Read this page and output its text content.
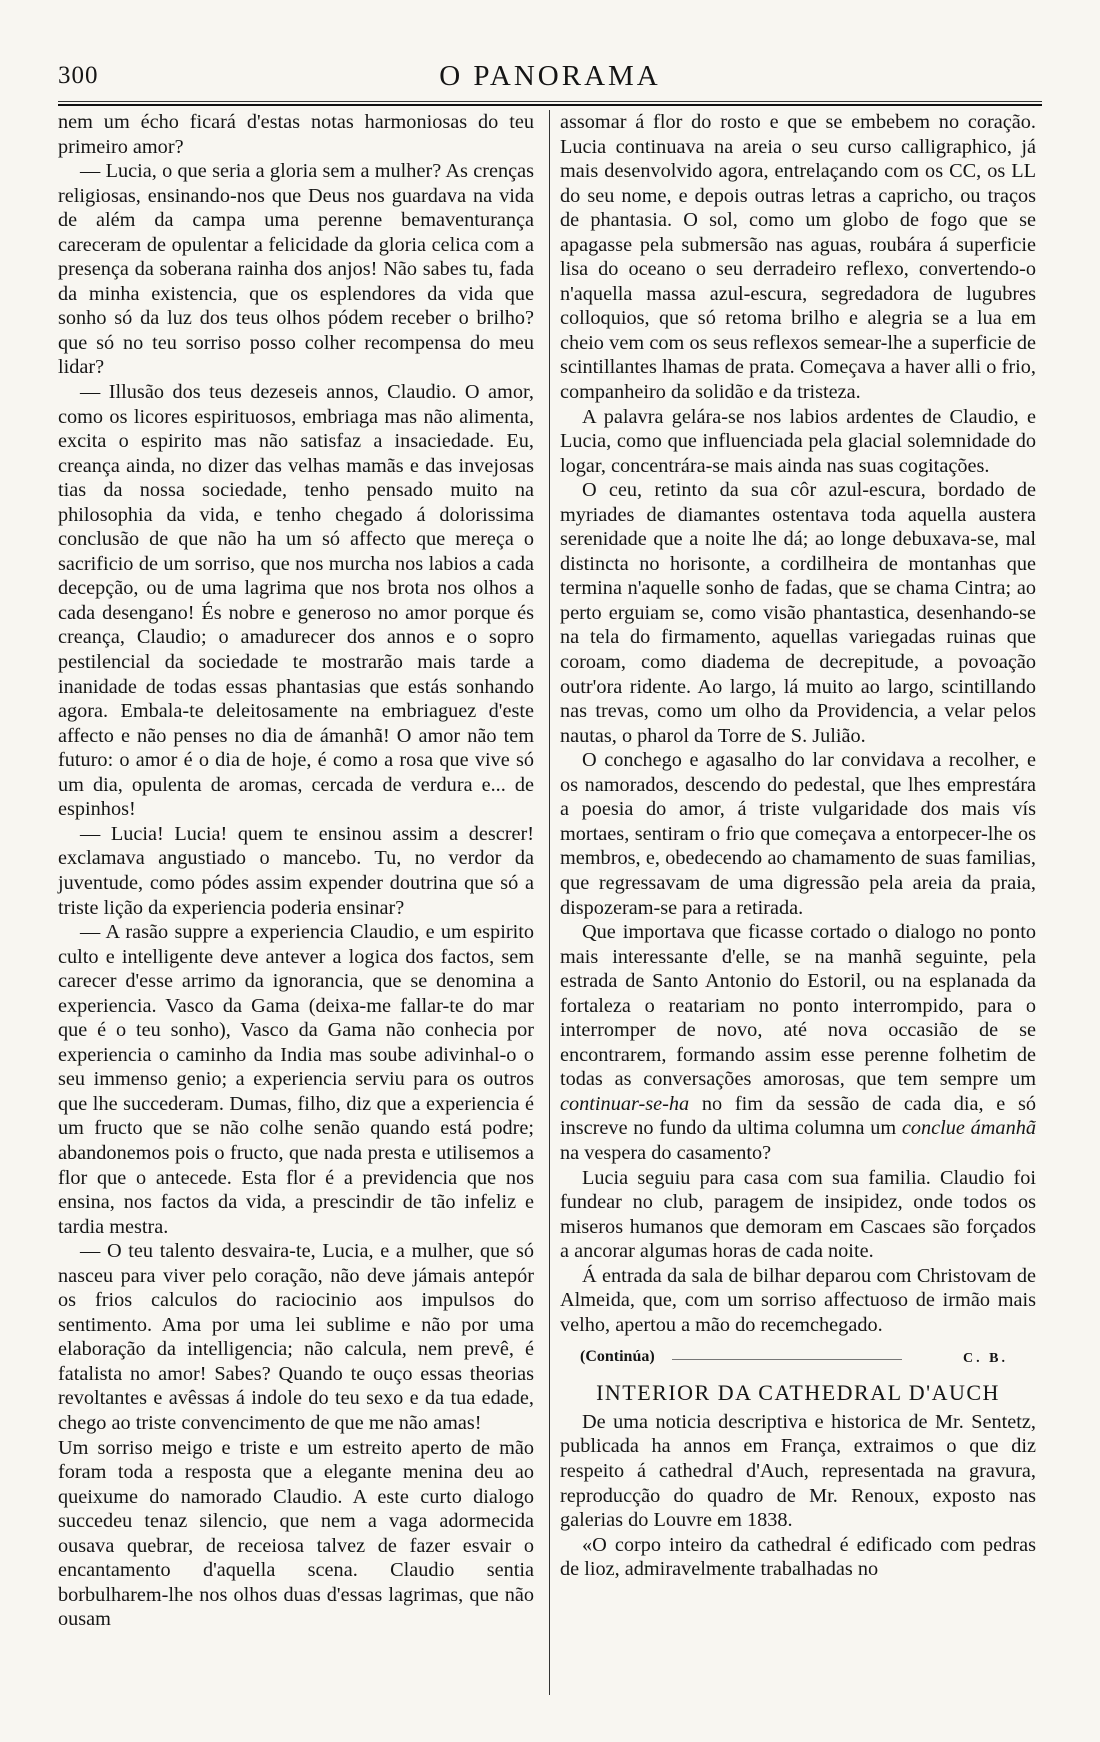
300	O PANORAMA

nem um écho ficará d'estas notas harmoniosas do teu primeiro amor?

— Lucia, o que seria a gloria sem a mulher? As crenças religiosas, ensinando-nos que Deus nos guardava na vida de além da campa uma perenne bemaventurança careceram de opulentar a felicidade da gloria celica com a presença da soberana rainha dos anjos! Não sabes tu, fada da minha existencia, que os esplendores da vida que sonho só da luz dos teus olhos pódem receber o brilho? que só no teu sorriso posso colher recompensa do meu lidar?

— Illusão dos teus dezeseis annos, Claudio. O amor, como os licores espirituosos, embriaga mas não alimenta, excita o espirito mas não satisfaz a insaciedade. Eu, creança ainda, no dizer das velhas mamãs e das invejosas tias da nossa sociedade, tenho pensado muito na philosophia da vida, e tenho chegado á dolorissima conclusão de que não ha um só affecto que mereça o sacrificio de um sorriso, que nos murcha nos labios a cada decepção, ou de uma lagrima que nos brota nos olhos a cada desengano! És nobre e generoso no amor porque és creança, Claudio; o amadurecer dos annos e o sopro pestilencial da sociedade te mostrarão mais tarde a inanidade de todas essas phantasias que estás sonhando agora. Embala-te deleitosamente na embriaguez d'este affecto e não penses no dia de ámanhã! O amor não tem futuro: o amor é o dia de hoje, é como a rosa que vive só um dia, opulenta de aromas, cercada de verdura e... de espinhos!

— Lucia! Lucia! quem te ensinou assim a descrer! exclamava angustiado o mancebo. Tu, no verdor da juventude, como pódes assim expender doutrina que só a triste lição da experiencia poderia ensinar?

— A rasão suppre a experiencia Claudio, e um espirito culto e intelligente deve antever a logica dos factos, sem carecer d'esse arrimo da ignorancia, que se denomina a experiencia. Vasco da Gama (deixa-me fallar-te do mar que é o teu sonho), Vasco da Gama não conhecia por experiencia o caminho da India mas soube adivinhal-o o seu immenso genio; a experiencia serviu para os outros que lhe succederam. Dumas, filho, diz que a experiencia é um fructo que se não colhe senão quando está podre; abandonemos pois o fructo, que nada presta e utilisemos a flor que o antecede. Esta flor é a previdencia que nos ensina, nos factos da vida, a prescindir de tão infeliz e tardia mestra.

— O teu talento desvaira-te, Lucia, e a mulher, que só nasceu para viver pelo coração, não deve jámais antepór os frios calculos do raciocinio aos impulsos do sentimento. Ama por uma lei sublime e não por uma elaboração da intelligencia; não calcula, nem prevê, é fatalista no amor! Sabes? Quando te ouço essas theorias revoltantes e avêssas á indole do teu sexo e da tua edade, chego ao triste convencimento de que me não amas!

Um sorriso meigo e triste e um estreito aperto de mão foram toda a resposta que a elegante menina deu ao queixume do namorado Claudio. A este curto dialogo succedeu tenaz silencio, que nem a vaga adormecida ousava quebrar, de receiosa talvez de fazer esvair o encantamento d'aquella scena. Claudio sentia borbulharem-lhe nos olhos duas d'essas lagrimas, que não ousam

assomar á flor do rosto e que se embebem no coração. Lucia continuava na areia o seu curso calligraphico, já mais desenvolvido agora, entrelaçando com os CC, os LL do seu nome, e depois outras letras a capricho, ou traços de phantasia. O sol, como um globo de fogo que se apagasse pela submersão nas aguas, roubára á superficie lisa do oceano o seu derradeiro reflexo, convertendo-o n'aquella massa azul-escura, segredadora de lugubres colloquios, que só retoma brilho e alegria se a lua em cheio vem com os seus reflexos semear-lhe a superficie de scintillantes lhamas de prata. Começava a haver alli o frio, companheiro da solidão e da tristeza.

A palavra gelára-se nos labios ardentes de Claudio, e Lucia, como que influenciada pela glacial solemnidade do logar, concentrára-se mais ainda nas suas cogitações.

O ceu, retinto da sua côr azul-escura, bordado de myriades de diamantes ostentava toda aquella austera serenidade que a noite lhe dá; ao longe debuxava-se, mal distincta no horisonte, a cordilheira de montanhas que termina n'aquelle sonho de fadas, que se chama Cintra; ao perto erguiam se, como visão phantastica, desenhando-se na tela do firmamento, aquellas variegadas ruinas que coroam, como diadema de decrepitude, a povoação outr'ora ridente. Ao largo, lá muito ao largo, scintillando nas trevas, como um olho da Providencia, a velar pelos nautas, o pharol da Torre de S. Julião.

O conchego e agasalho do lar convidava a recolher, e os namorados, descendo do pedestal, que lhes emprestára a poesia do amor, á triste vulgaridade dos mais vís mortaes, sentiram o frio que começava a entorpecer-lhe os membros, e, obedecendo ao chamamento de suas familias, que regressavam de uma digressão pela areia da praia, dispozeram-se para a retirada.

Que importava que ficasse cortado o dialogo no ponto mais interessante d'elle, se na manhã seguinte, pela estrada de Santo Antonio do Estoril, ou na esplanada da fortaleza o reatariam no ponto interrompido, para o interromper de novo, até nova occasião de se encontrarem, formando assim esse perenne folhetim de todas as conversações amorosas, que tem sempre um continuar-se-ha no fim da sessão de cada dia, e só inscreve no fundo da ultima columna um conclue ámanhã na vespera do casamento?

Lucia seguiu para casa com sua familia. Claudio foi fundear no club, paragem de insipidez, onde todos os miseros humanos que demoram em Cascaes são forçados a ancorar algumas horas de cada noite.

Á entrada da sala de bilhar deparou com Christovam de Almeida, que, com um sorriso affectuoso de irmão mais velho, apertou a mão do recemchegado.

(Continúa)	C. B.
INTERIOR DA CATHEDRAL D'AUCH

De uma noticia descriptiva e historica de Mr. Sentetz, publicada ha annos em França, extraimos o que diz respeito á cathedral d'Auch, representada na gravura, reproducção do quadro de Mr. Renoux, exposto nas galerias do Louvre em 1838.

«O corpo inteiro da cathedral é edificado com pedras de lioz, admiravelmente trabalhadas no
